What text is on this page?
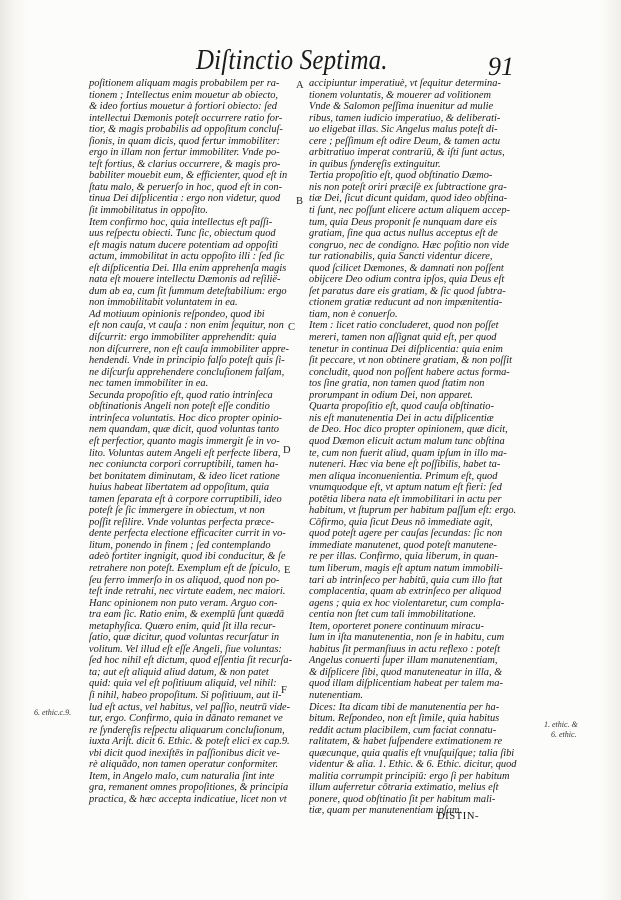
Diſtinctio Septima.	91
poſitionem aliquam magis probabilem per ra-
tionem ; Intellectus enim mouetur ab obiecto,
& ideo fortius mouetur à fortiori obiecto: ſed
intellectui Dæmonis poteſt occurrere ratio for-
tior, & magis probabilis ad oppoſitum concluſ-
ſionis, in quam dicis, quod fertur immobiliter:
ergo in illam non fertur immobiliter. Vnde po-
teſt fortius, & clarius occurrere, & magis pro-
babiliter mouebit eum, & efficienter, quod eſt in
ſtatu malo, & peruerſo in hoc, quod eſt in con-
tinua Dei diſplicentia : ergo non videtur, quod
ſit immobilitatus in oppoſito.
Item confirmo hoc, quia intellectus eſt paſſi-
uus reſpectu obiecti. Tunc ſic, obiectum quod
eſt magis natum ducere potentiam ad oppoſiti
actum, immobilitat in actu oppoſito illi : ſed ſic
eſt diſplicentia Dei. Illa enim apprehenſa magis
nata eſt mouere intellectu Dæmonis ad reſilië-
dum ab ea, cum ſit ſummum deteſtabilium: ergo
non immobilitabit voluntatem in ea.
Ad motiuum opinionis reſpondeo, quod ibi
eſt non cauſa, vt cauſa : non enim ſequitur, non
diſcurrit: ergo immobiliter apprehendit: quia
non diſcurrere, non eſt cauſa immobiliter appre-
hendendi. Vnde in principio falſo poteſt quis ſi-
ne diſcurſu apprehendere concluſionem falſam,
nec tamen immobiliter in ea.
Secunda propoſitio eſt, quod ratio intrinſeca
obſtinationis Angeli non poteſt eſſe conditio
intrinſeca voluntatis. Hoc dico propter opinio-
nem quandam, quæ dicit, quod voluntas tanto
eſt perfectior, quanto magis immergit ſe in vo-
lito. Voluntas autem Angeli eſt perfecte libera,
nec coniuncta corpori corruptibili, tamen ha-
bet bonitatem diminutam, & ideo licet ratione
huius habeat libertatem ad oppoſitum, quia
tamen ſeparata eſt à corpore corruptibili, ideo
poteſt ſe ſic immergere in obiectum, vt non
poſſit reſilire. Vnde voluntas perfecta præce-
dente perfecta electione efficaciter currit in vo-
litum, ponendo in finem ; ſed contemplando
adeò fortiter ingnigit, quod ibi conducitur, & ſe
retrahere non poteſt. Exemplum eſt de ſpiculo,
ſeu ferro immerſo in os aliquod, quod non po-
teſt inde retrahi, nec virtute eadem, nec maiori.
Hanc opinionem non puto veram. Arguo con-
tra eam ſic. Ratio enim, & exemplū ſunt quædā
metaphyſica. Quæro enim, quid ſit illa recur-
ſatio, quæ dicitur, quod voluntas recurſatur in
volitum. Vel illud eſt eſſe Angeli, ſiue voluntas:
ſed hoc nihil eſt dictum, quod eſſentia ſit recurſa-
ta; aut eſt aliquid aliud datum, & non patet
quid: quia vel eſt poſitiuum aliquid, vel nihil:
ſi nihil, habeo propoſitum. Si poſitiuum, aut il-
lud eſt actus, vel habitus, vel paſſio, neutrū vide-
tur, ergo. Confirmo, quia in dānato remanet ve
re ſynderęſis reſpectu aliquarum concluſionum,
iuxta Ariſt. dicit 6. Ethic. & poteſt elici ex cap.9.
vbi dicit quod inexiſtēs in paſſionibus dicit ve-
rè aliquādo, non tamen operatur conformiter.
Item, in Angelo malo, cum naturalia ſint inte
gra, remanent omnes propoſitiones, & principia
practica, & hæc accepta indicatiue, licet non vt
accipiuntur imperatiuè, vt ſequitur determina-
tionem voluntatis, & mouerer ad volitionem
Vnde & Salomon peſſima inuenitur ad mulie
ribus, tamen iudicio imperatiuo, & deliberati-
uo eligebat illas. Sic Angelus malus poteſt di-
cere ; peſſimum eſt odire Deum, & tamen actu
arbitratiuo imperat contrariū, & iſti ſunt actus,
in quibus ſynderęſis extinguitur.
Tertia propoſitio eſt, quod obſtinatio Dæmo-
nis non poteſt oriri præciſè ex ſubtractione gra-
tiæ Dei, ſicut dicunt quidam, quod ideo obſtina-
ti ſunt, nec poſſunt elicere actum aliquem accep-
tum, quia Deus proponit ſe nunquam dare eis
gratiam, ſine qua actus nullus acceptus eſt de
congruo, nec de condigno. Hæc poſitio non vide
tur rationabilis, quia Sancti videntur dicere,
quod ſcilicet Dæmones, & damnati non poſſent
obijcere Deo odium contra ipſos, quia Deus eſt
ſet paratus dare eis gratiam, & ſic quod ſubtra-
ctionem gratiæ reducunt ad non impænitentia-
tiam, non è conuerſo.
Item : licet ratio concluderet, quod non poſſet
mereri, tamen non aſſignat quid eſt, per quod
tenetur in continua Dei diſplicentia: quia enim
ſit peccare, vt non obtinere gratiam, & non poſſit
concludit, quod non poſſent habere actus forma-
tos ſine gratia, non tamen quod ſtatim non
prorumpant in odium Dei, non apparet.
Quarta propoſitio eſt, quod cauſa obſtinatio-
nis eſt manutenentia Dei in actu diſplicentiæ
de Deo. Hoc dico propter opinionem, quæ dicit,
quod Dæmon elicuit actum malum tunc obſtina
te, cum non fuerit aliud, quam ipſum in illo ma-
nuteneri. Hæc via bene eſt poſſibilis, habet ta-
men aliqua inconuenientia. Primum eſt, quod
vnumquodque eſt, vt aptum natum eſt fieri: ſed
potētia libera nata eſt immobilitari in actu per
habitum, vt ſtuprum per habitum paſſum eſt: ergo.
Cōfirmo, quia ſicut Deus nō immediate agit,
quod poteſt agere per cauſas ſecundas: ſic non
immediate manutenet, quod poteſt manutene-
re per illas. Confirmo, quia liberum, in quan-
tum liberum, magis eſt aptum natum immobili-
tari ab intrinſeco per habitū, quia cum illo ſtat
complacentia, quam ab extrinſeco per aliquod
agens ; quia ex hoc violentaretur, cum compla-
centia non ſtet cum tali immobilitatione.
Item, oporteret ponere continuum miracu-
lum in iſta manutenentia, non ſe in habitu, cum
habitus ſit permanſiuus in actu reflexo : poteſt
Angelus conuerti ſuper illam manutenentiam,
& diſplicere ſibi, quod manuteneatur in illa, &
quod illam diſplicentiam habeat per talem ma-
nutenentiam.
Dices: Ita dicam tibi de manutenentia per ha-
bitum. Reſpondeo, non eſt ſimile, quia habitus
reddit actum placibilem, cum faciat connatu-
ralitatem, & habet ſuſpendere extimationem re
quæcunque, quia qualis eſt vnuſquiſque; talia ſibi
videntur & alia. 1. Ethic. & 6. Ethic. dicitur, quod
malitia corrumpit principiū: ergo ſi per habitum
illum auferretur cōtraria extimatio, melius eſt
ponere, quod obſtinatio ſit per habitum mali-
tiæ, quam per manutenentiam ipſam.
A
B
C
D
E
F
6. ethic.c.9.
1. ethic. &
6. ethic.
DISTIN-
